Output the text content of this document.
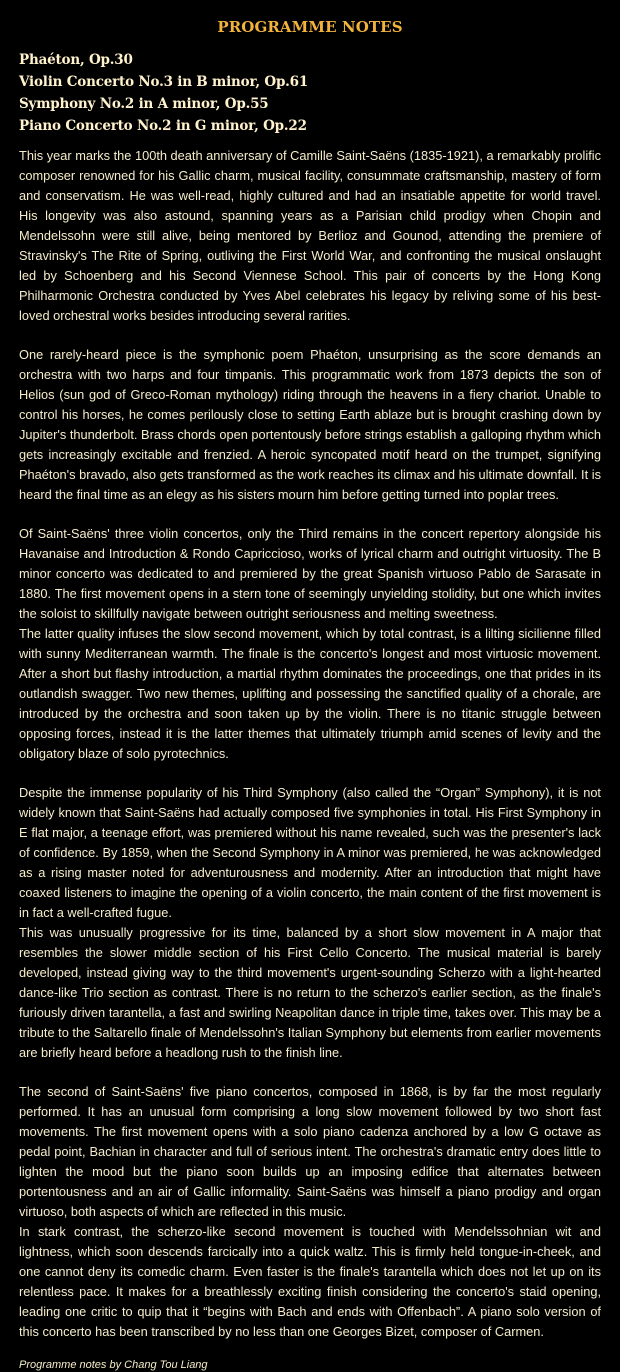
PROGRAMME NOTES
Phaéton, Op.30
Violin Concerto No.3 in B minor, Op.61
Symphony No.2 in A minor, Op.55
Piano Concerto No.2 in G minor, Op.22

This year marks the 100th death anniversary of Camille Saint-Saëns (1835-1921), a remarkably prolific composer renowned for his Gallic charm, musical facility, consummate craftsmanship, mastery of form and conservatism. He was well-read, highly cultured and had an insatiable appetite for world travel. His longevity was also astound, spanning years as a Parisian child prodigy when Chopin and Mendelssohn were still alive, being mentored by Berlioz and Gounod, attending the premiere of Stravinsky's The Rite of Spring, outliving the First World War, and confronting the musical onslaught led by Schoenberg and his Second Viennese School. This pair of concerts by the Hong Kong Philharmonic Orchestra conducted by Yves Abel celebrates his legacy by reliving some of his best-loved orchestral works besides introducing several rarities.

One rarely-heard piece is the symphonic poem Phaéton, unsurprising as the score demands an orchestra with two harps and four timpanis. This programmatic work from 1873 depicts the son of Helios (sun god of Greco-Roman mythology) riding through the heavens in a fiery chariot. Unable to control his horses, he comes perilously close to setting Earth ablaze but is brought crashing down by Jupiter's thunderbolt. Brass chords open portentously before strings establish a galloping rhythm which gets increasingly excitable and frenzied. A heroic syncopated motif heard on the trumpet, signifying Phaéton's bravado, also gets transformed as the work reaches its climax and his ultimate downfall. It is heard the final time as an elegy as his sisters mourn him before getting turned into poplar trees.

Of Saint-Saëns' three violin concertos, only the Third remains in the concert repertory alongside his Havanaise and Introduction & Rondo Capriccioso, works of lyrical charm and outright virtuosity. The B minor concerto was dedicated to and premiered by the great Spanish virtuoso Pablo de Sarasate in 1880. The first movement opens in a stern tone of seemingly unyielding stolidity, but one which invites the soloist to skillfully navigate between outright seriousness and melting sweetness.

The latter quality infuses the slow second movement, which by total contrast, is a lilting sicilienne filled with sunny Mediterranean warmth. The finale is the concerto's longest and most virtuosic movement. After a short but flashy introduction, a martial rhythm dominates the proceedings, one that prides in its outlandish swagger. Two new themes, uplifting and possessing the sanctified quality of a chorale, are introduced by the orchestra and soon taken up by the violin. There is no titanic struggle between opposing forces, instead it is the latter themes that ultimately triumph amid scenes of levity and the obligatory blaze of solo pyrotechnics.

Despite the immense popularity of his Third Symphony (also called the “Organ” Symphony), it is not widely known that Saint-Saëns had actually composed five symphonies in total. His First Symphony in E flat major, a teenage effort, was premiered without his name revealed, such was the presenter's lack of confidence. By 1859, when the Second Symphony in A minor was premiered, he was acknowledged as a rising master noted for adventurousness and modernity. After an introduction that might have coaxed listeners to imagine the opening of a violin concerto, the main content of the first movement is in fact a well-crafted fugue.

This was unusually progressive for its time, balanced by a short slow movement in A major that resembles the slower middle section of his First Cello Concerto. The musical material is barely developed, instead giving way to the third movement's urgent-sounding Scherzo with a light-hearted dance-like Trio section as contrast. There is no return to the scherzo's earlier section, as the finale's furiously driven tarantella, a fast and swirling Neapolitan dance in triple time, takes over. This may be a tribute to the Saltarello finale of Mendelssohn's Italian Symphony but elements from earlier movements are briefly heard before a headlong rush to the finish line.

The second of Saint-Saëns' five piano concertos, composed in 1868, is by far the most regularly performed. It has an unusual form comprising a long slow movement followed by two short fast movements. The first movement opens with a solo piano cadenza anchored by a low G octave as pedal point, Bachian in character and full of serious intent. The orchestra's dramatic entry does little to lighten the mood but the piano soon builds up an imposing edifice that alternates between portentousness and an air of Gallic informality. Saint-Saëns was himself a piano prodigy and organ virtuoso, both aspects of which are reflected in this music.

In stark contrast, the scherzo-like second movement is touched with Mendelssohnian wit and lightness, which soon descends farcically into a quick waltz. This is firmly held tongue-in-cheek, and one cannot deny its comedic charm. Even faster is the finale's tarantella which does not let up on its relentless pace. It makes for a breathlessly exciting finish considering the concerto's staid opening, leading one critic to quip that it “begins with Bach and ends with Offenbach”. A piano solo version of this concerto has been transcribed by no less than one Georges Bizet, composer of Carmen.

Programme notes by Chang Tou Liang
